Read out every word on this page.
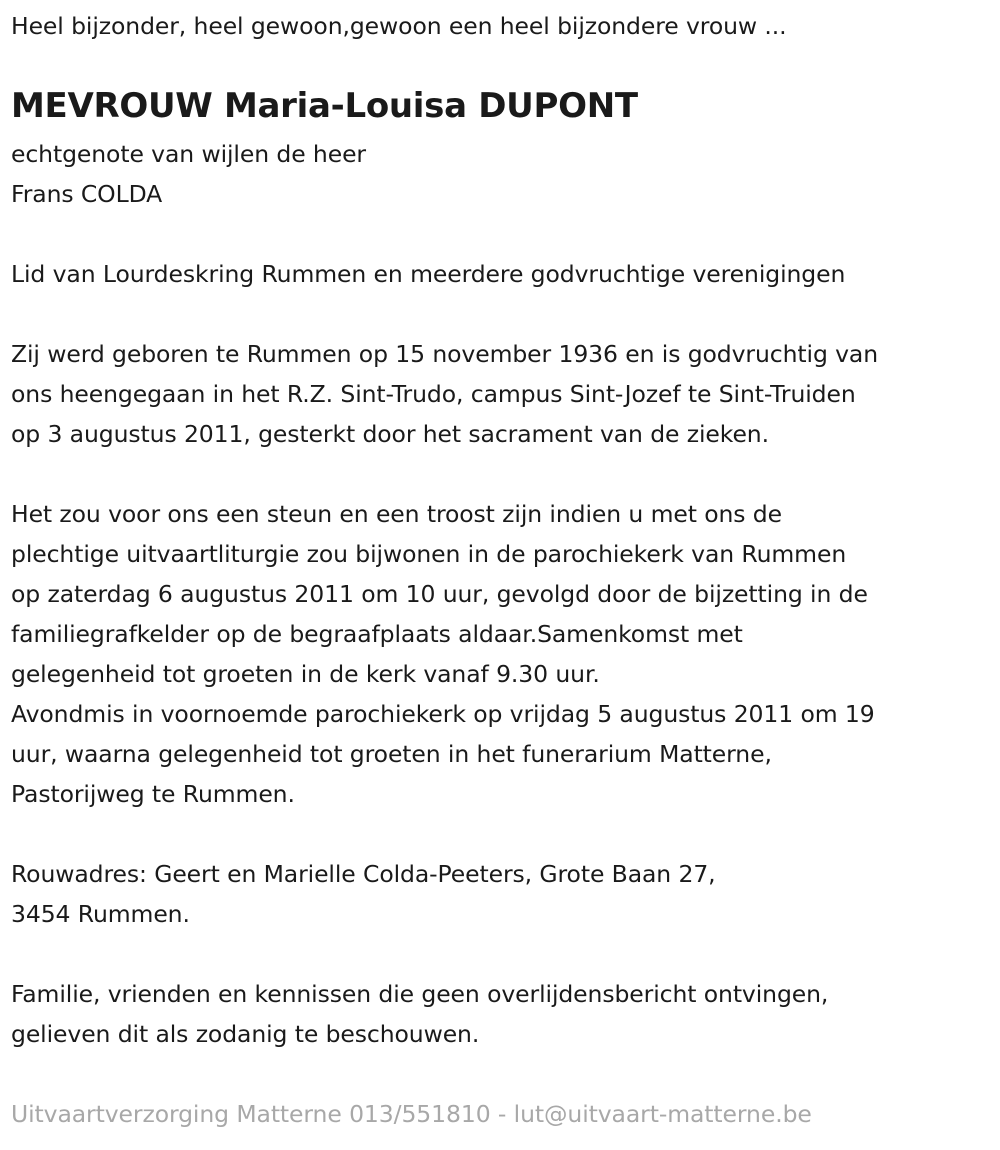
Heel bijzonder, heel gewoon,gewoon een heel bijzondere vrouw ...
MEVROUW Maria-Louisa DUPONT
echtgenote van wijlen de heer
Frans COLDA
Lid van Lourdeskring Rummen en meerdere godvruchtige verenigingen
Zij werd geboren te Rummen op 15 november 1936 en is godvruchtig van
ons heengegaan in het R.Z. Sint-Trudo, campus Sint-Jozef te Sint-Truiden
op 3 augustus 2011, gesterkt door het sacrament van de zieken.
Het zou voor ons een steun en een troost zijn indien u met ons de
plechtige uitvaartliturgie zou bijwonen in de parochiekerk van Rummen
op zaterdag 6 augustus 2011 om 10 uur, gevolgd door de bijzetting in de
familiegrafkelder op de begraafplaats aldaar.Samenkomst met
gelegenheid tot groeten in de kerk vanaf 9.30 uur.
Avondmis in voornoemde parochiekerk op vrijdag 5 augustus 2011 om 19
uur, waarna gelegenheid tot groeten in het funerarium Matterne,
Pastorijweg te Rummen.
Rouwadres: Geert en Marielle Colda-Peeters, Grote Baan 27,
3454 Rummen.
Familie, vrienden en kennissen die geen overlijdensbericht ontvingen,
gelieven dit als zodanig te beschouwen.
Uitvaartverzorging Matterne 013/551810 - lut@uitvaart-matterne.be
